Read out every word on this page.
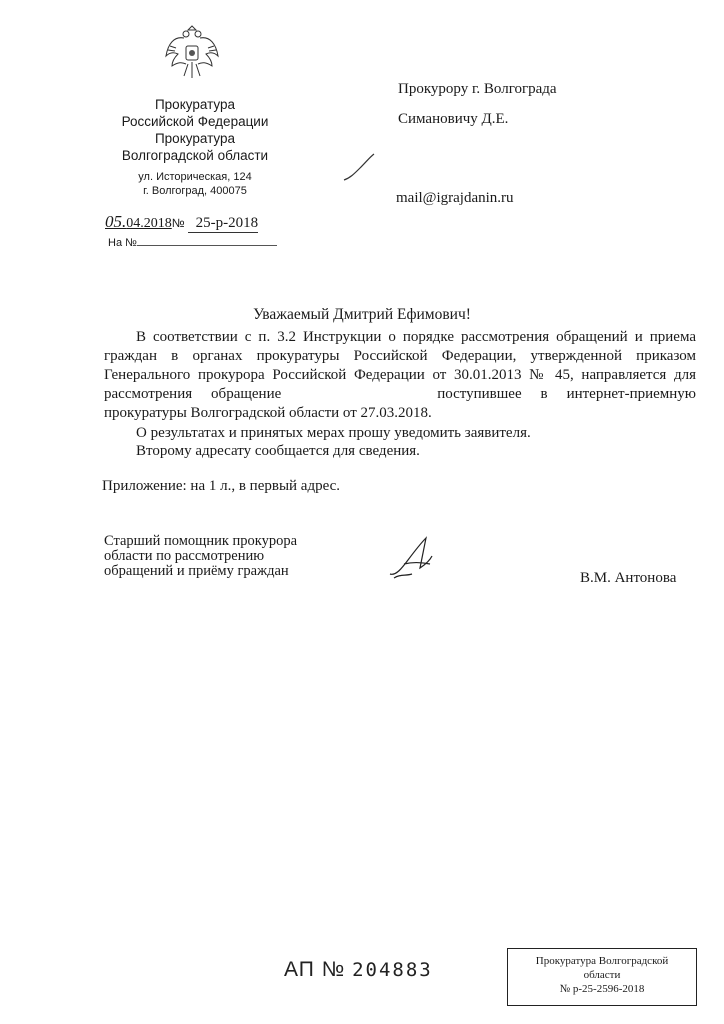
Прокуратура
Российской Федерации
Прокуратура
Волгоградской области
ул. Историческая, 124
г. Волгоград, 400075
05.04.2018№ 25-р-2018
На №
Прокурору г. Волгограда
Симановичу Д.Е.
mail@igrajdanin.ru
Уважаемый Дмитрий Ефимович!
В соответствии с п. 3.2 Инструкции о порядке рассмотрения обращений и приема граждан в органах прокуратуры Российской Федерации, утвержденной приказом Генерального прокурора Российской Федерации от 30.01.2013 № 45, направляется для рассмотрения обращение	поступившее в интернет-приемную прокуратуры Волгоградской области от 27.03.2018.
О результатах и принятых мерах прошу уведомить заявителя.
Второму адресату сообщается для сведения.
Приложение: на 1 л., в первый адрес.
Старший помощник прокурора
области по рассмотрению
обращений и приёму граждан	В.М. Антонова
АП № 204883	Прокуратура Волгоградской
области
№ р-25-2596-2018
